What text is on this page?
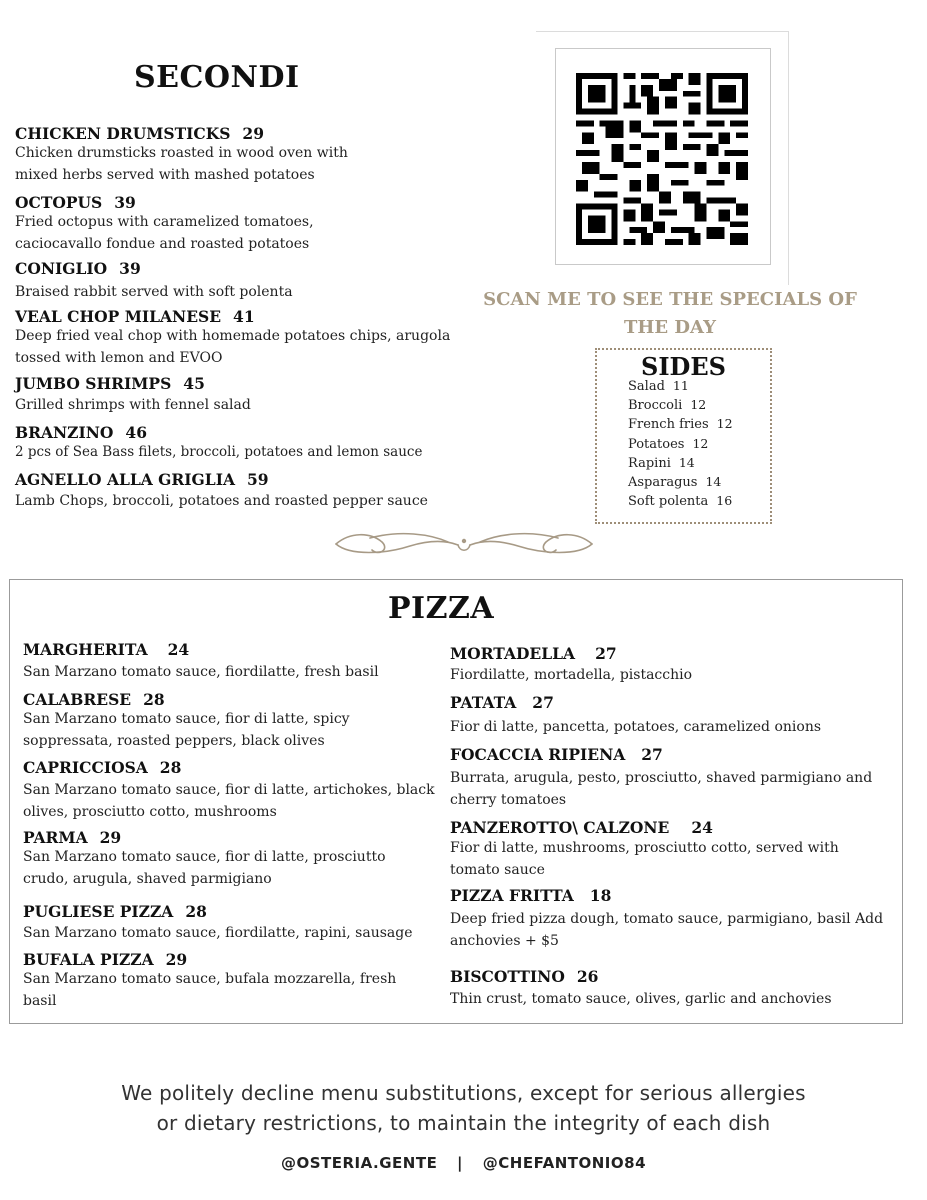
SECONDI
CHICKEN DRUMSTICKS 29
Chicken drumsticks roasted in wood oven with mixed herbs served with mashed potatoes
OCTOPUS 39
Fried octopus with caramelized tomatoes, caciocavallo fondue and roasted potatoes
CONIGLIO 39
Braised rabbit served with soft polenta
VEAL CHOP MILANESE 41
Deep fried veal chop with homemade potatoes chips, arugola tossed with lemon and EVOO
JUMBO SHRIMPS 45
Grilled shrimps with fennel salad
BRANZINO 46
2 pcs of Sea Bass filets, broccoli, potatoes and lemon sauce
AGNELLO ALLA GRIGLIA 59
Lamb Chops, broccoli, potatoes and roasted pepper sauce
SCAN ME TO SEE THE SPECIALS OF THE DAY
SIDES
Salad 11
Broccoli 12
French fries 12
Potatoes 12
Rapini 14
Asparagus 14
Soft polenta 16
PIZZA
MARGHERITA 24
San Marzano tomato sauce, fiordilatte, fresh basil
CALABRESE 28
San Marzano tomato sauce, fior di latte, spicy soppressata, roasted peppers, black olives
CAPRICCIOSA 28
San Marzano tomato sauce, fior di latte, artichokes, black olives, prosciutto cotto, mushrooms
PARMA 29
San Marzano tomato sauce, fior di latte, prosciutto crudo, arugula, shaved parmigiano
PUGLIESE PIZZA 28
San Marzano tomato sauce, fiordilatte, rapini, sausage
BUFALA PIZZA 29
San Marzano tomato sauce, bufala mozzarella, fresh basil
MORTADELLA 27
Fiordilatte, mortadella, pistacchio
PATATA 27
Fior di latte, pancetta, potatoes, caramelized onions
FOCACCIA RIPIENA 27
Burrata, arugula, pesto, prosciutto, shaved parmigiano and cherry tomatoes
PANZEROTTO\ CALZONE 24
Fior di latte, mushrooms, prosciutto cotto, served with tomato sauce
PIZZA FRITTA 18
Deep fried pizza dough, tomato sauce, parmigiano, basil Add anchovies + $5
BISCOTTINO 26
Thin crust, tomato sauce, olives, garlic and anchovies
We politely decline menu substitutions, except for serious allergies
or dietary restrictions, to maintain the integrity of each dish
@OSTERIA.GENTE | @CHEFANTONIO84
